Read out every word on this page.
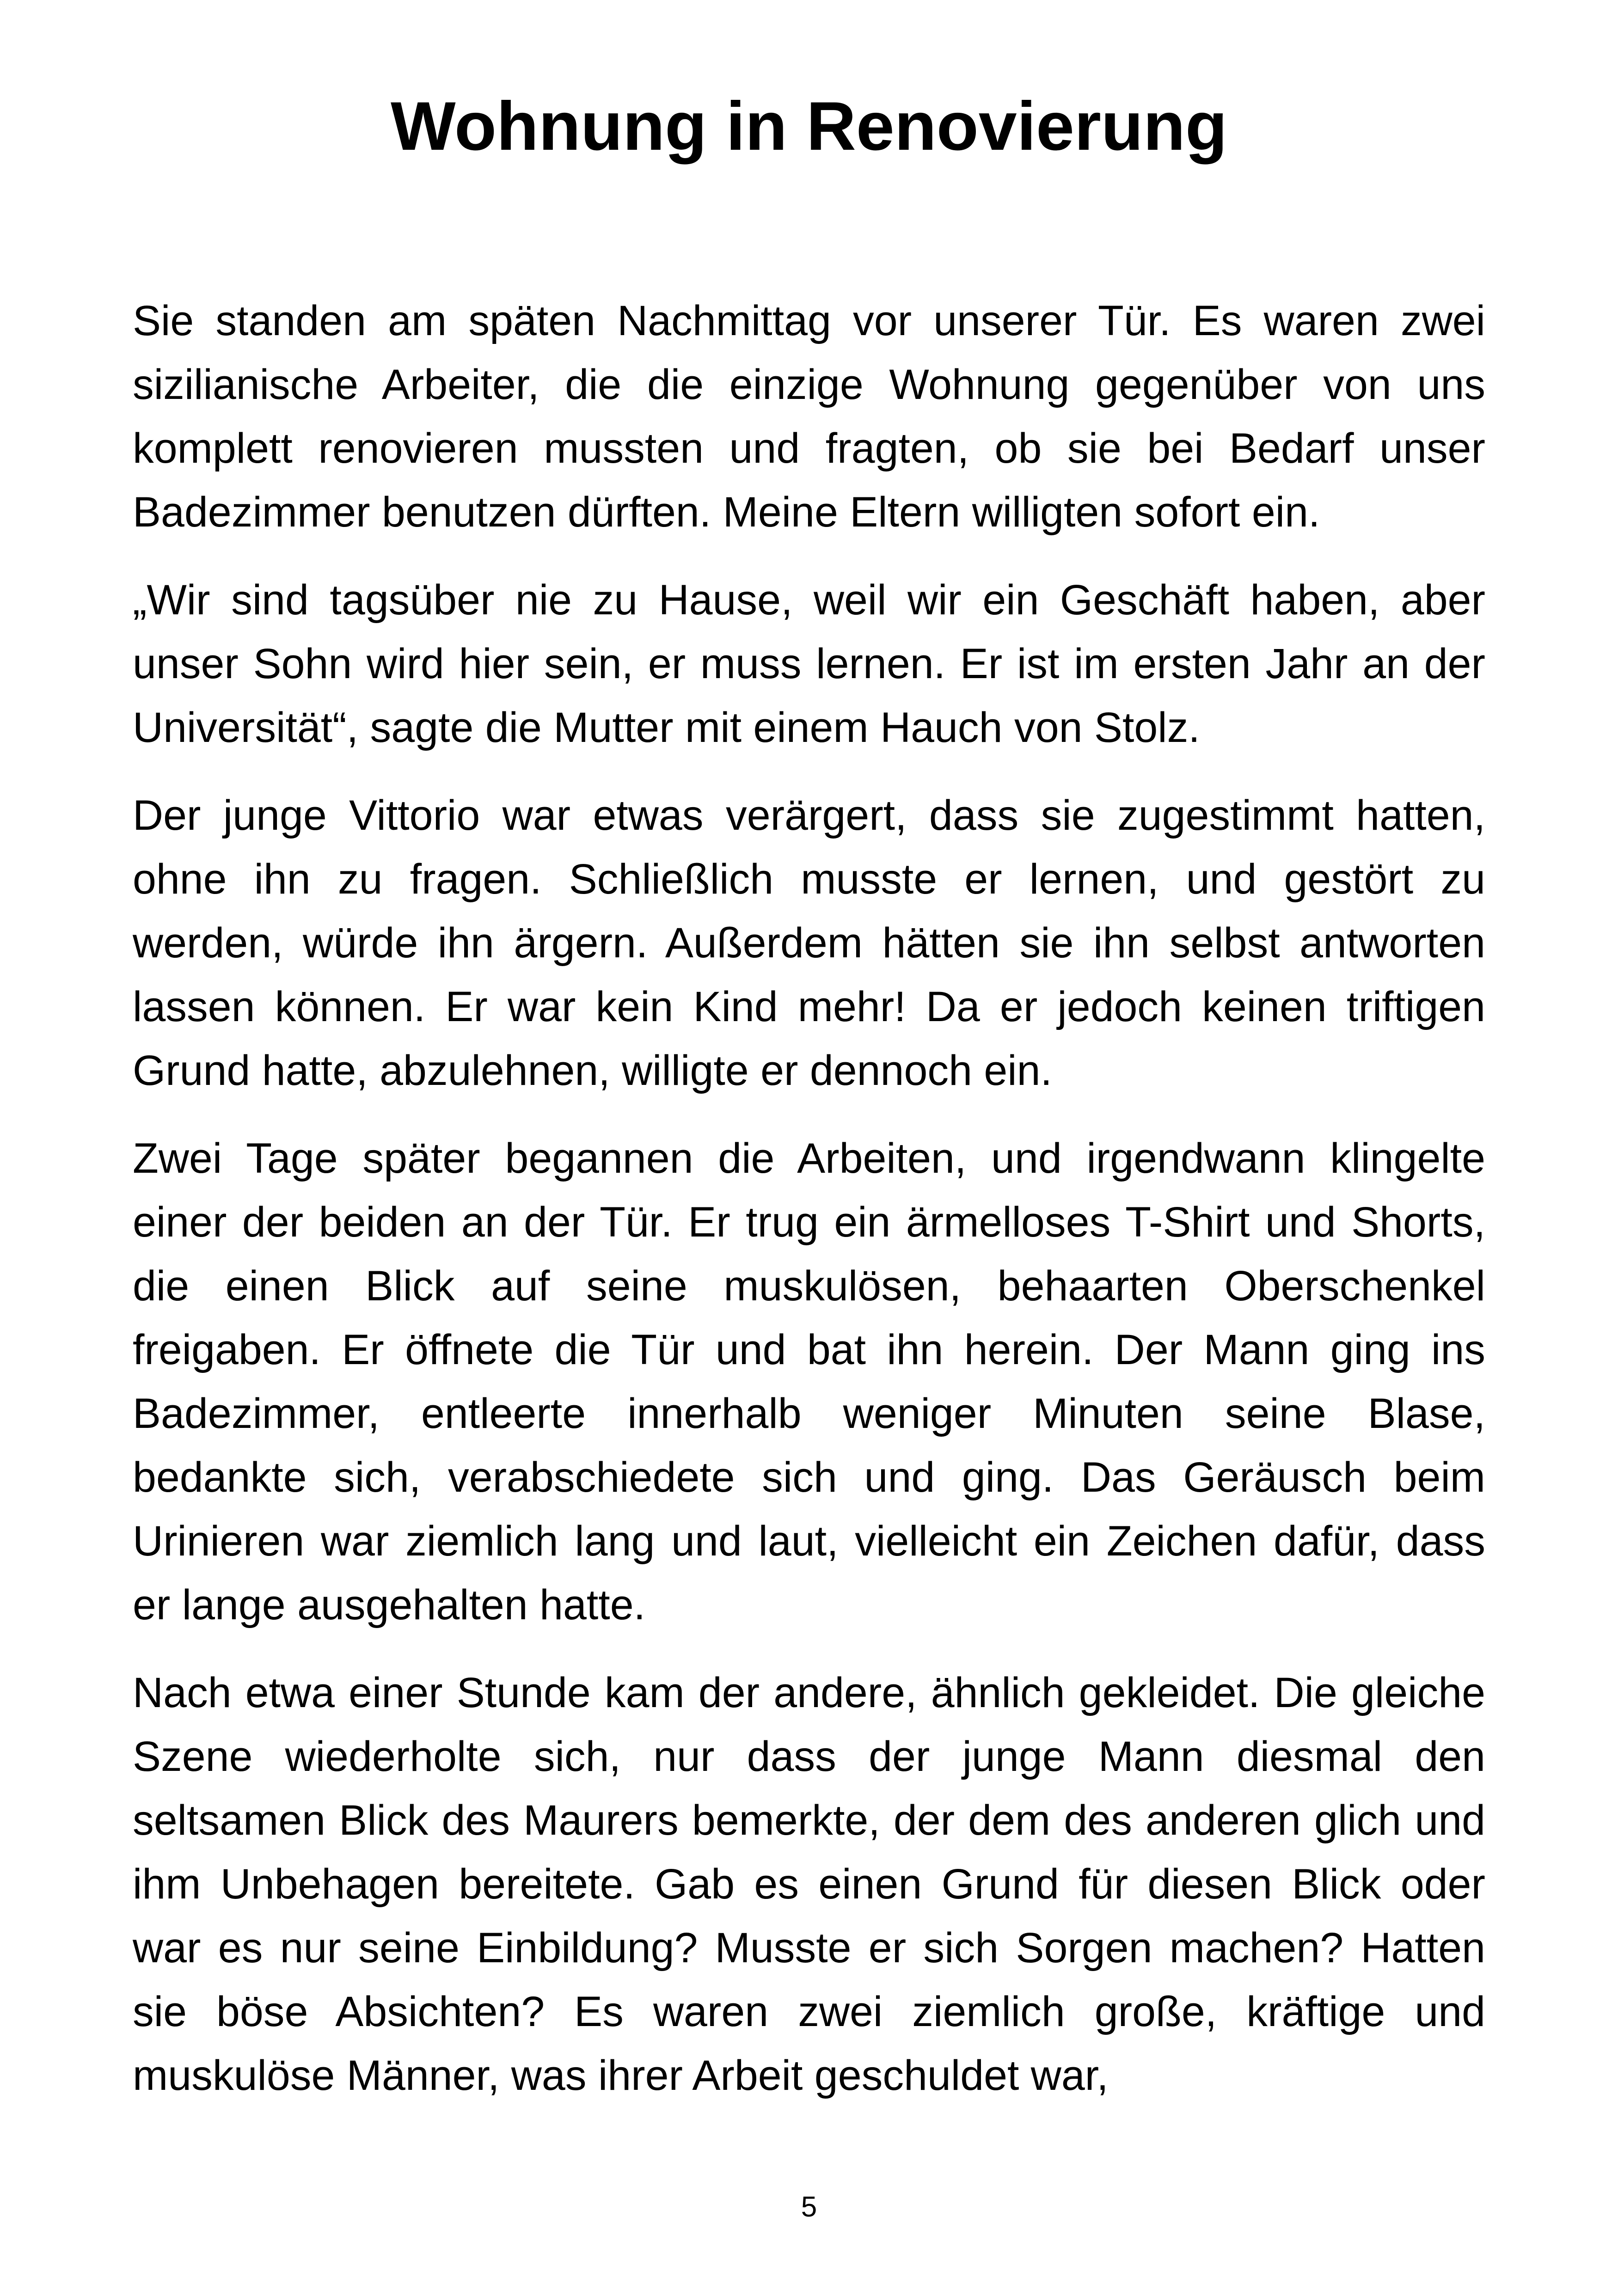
Wohnung in Renovierung

Sie standen am späten Nachmittag vor unserer Tür. Es waren zwei sizilianische Arbeiter, die die einzige Wohnung gegenüber von uns komplett renovieren mussten und fragten, ob sie bei Bedarf unser Badezimmer benutzen dürften. Meine Eltern willigten sofort ein.

„Wir sind tagsüber nie zu Hause, weil wir ein Geschäft haben, aber unser Sohn wird hier sein, er muss lernen. Er ist im ersten Jahr an der Universität“, sagte die Mutter mit einem Hauch von Stolz.

Der junge Vittorio war etwas verärgert, dass sie zugestimmt hatten, ohne ihn zu fragen. Schließlich musste er lernen, und gestört zu werden, würde ihn ärgern. Außerdem hätten sie ihn selbst antworten lassen können. Er war kein Kind mehr! Da er jedoch keinen triftigen Grund hatte, abzulehnen, willigte er dennoch ein.

Zwei Tage später begannen die Arbeiten, und irgendwann klingelte einer der beiden an der Tür. Er trug ein ärmelloses T-Shirt und Shorts, die einen Blick auf seine muskulösen, behaarten Oberschenkel freigaben. Er öffnete die Tür und bat ihn herein. Der Mann ging ins Badezimmer, entleerte innerhalb weniger Minuten seine Blase, bedankte sich, verabschiedete sich und ging. Das Geräusch beim Urinieren war ziemlich lang und laut, vielleicht ein Zeichen dafür, dass er lange ausgehalten hatte.

Nach etwa einer Stunde kam der andere, ähnlich gekleidet. Die gleiche Szene wiederholte sich, nur dass der junge Mann diesmal den seltsamen Blick des Maurers bemerkte, der dem des anderen glich und ihm Unbehagen bereitete. Gab es einen Grund für diesen Blick oder war es nur seine Einbildung? Musste er sich Sorgen machen? Hatten sie böse Absichten? Es waren zwei ziemlich große, kräftige und muskulöse Männer, was ihrer Arbeit geschuldet war,

5
